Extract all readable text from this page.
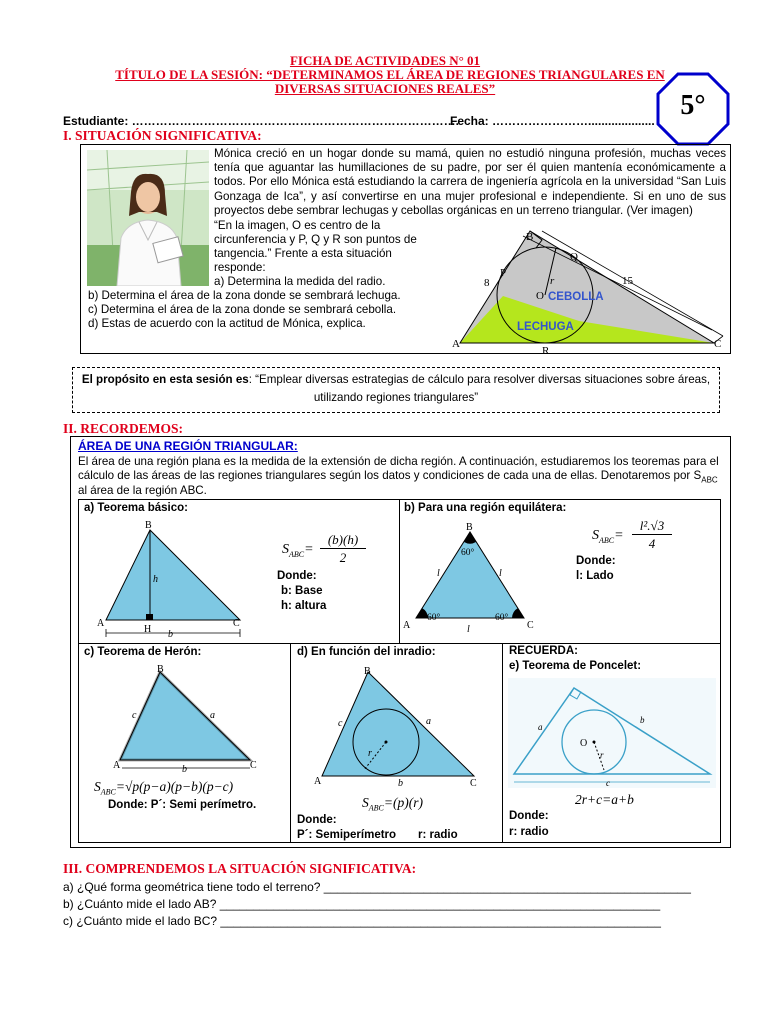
FICHA DE ACTIVIDADES N° 01
TÍTULO DE LA SESIÓN: “DETERMINAMOS EL ÁREA DE REGIONES TRIANGULARES EN
DIVERSAS SITUACIONES REALES”
5°
Estudiante: ……………………………………………………………………….
Fecha: ……………………....................
I. SITUACIÓN SIGNIFICATIVA:
Mónica creció en un hogar donde su mamá, quien no estudió ninguna profesión, muchas veces tenía que aguantar las humillaciones de su padre, por ser él quien mantenía económicamente a todos. Por ello Mónica está estudiando la carrera de ingeniería agrícola en la universidad “San Luis Gonzaga de Ica”, y así convertirse en una mujer profesional e independiente. Si en uno de sus proyectos debe sembrar lechugas y cebollas orgánicas en un terreno triangular. (Ver imagen)
“En la imagen, O es centro de la
circunferencia y P, Q y R son puntos de
tangencia.” Frente a esta situación
responde:
a) Determina la medida del radio.
b) Determina el área de la zona donde se sembrará lechuga.
c) Determina el área de la zona donde se sembrará cebolla.
d) Estas de acuerdo con la actitud de Mónica, explica.
A
B
C
O
P
Q
R
r
8	15
CEBOLLA
LECHUGA
El propósito en esta sesión es: “Emplear diversas estrategias de cálculo para resolver diversas situaciones sobre áreas,
utilizando regiones triangulares”
II. RECORDEMOS:
ÁREA DE UNA REGIÓN TRIANGULAR:
El área de una región plana es la medida de la extensión de dicha región. A continuación, estudiaremos los teoremas para el
cálculo de las áreas de las regiones triangulares según los datos y condiciones de cada una de ellas. Denotaremos por $S_{ABC}$
al área de la región ABC.
a) Teorema básico:
B
A	C
H
h
b
$S_{ABC}=$
(b)(h)
2
Donde:
b: Base
h: altura
b) Para una región equilátera:
B
A	C
60°
60°	60°
l	l
l
$S_{ABC}=$
l².√3
4
Donde:
l: Lado
c) Teorema de Herón:
B
A	C
a
b
c
$S_{ABC}=√p(p-a)(p-b)(p-c)$
Donde: P´: Semi perímetro.
d) En función del inradio:
B
A	C
a
b
c
r
$S_{ABC}=(p)(r)$
Donde:
P´: Semiperímetro r: radio
RECUERDA:
e) Teorema de Poncelet:
a
b
c
O
r
2r+c=a+b
Donde:
r: radio
III. COMPRENDEMOS LA SITUACIÓN SIGNIFICATIVA:
a) ¿Qué forma geométrica tiene todo el terreno? _______________________________________________________
b) ¿Cuánto mide el lado AB? __________________________________________________________________
c) ¿Cuánto mide el lado BC? __________________________________________________________________
